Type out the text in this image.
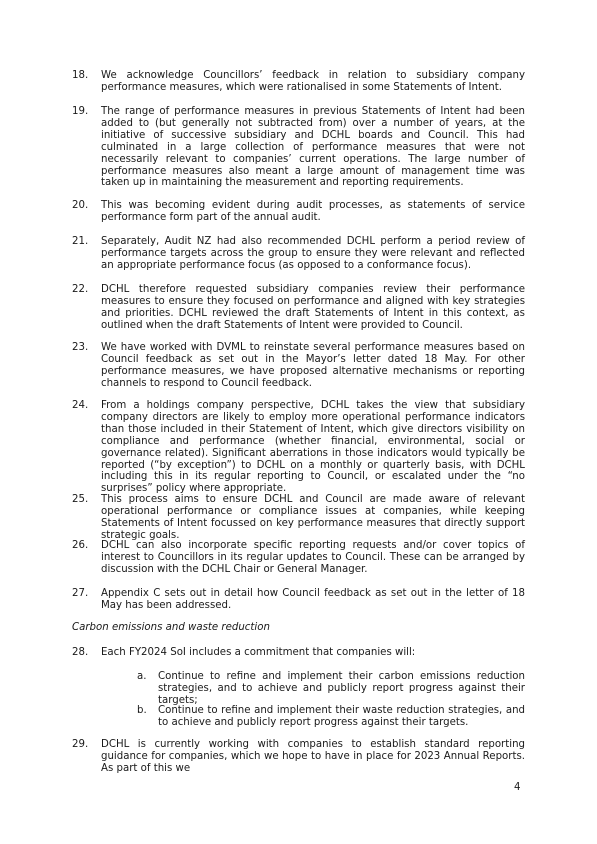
18. We acknowledge Councillors’ feedback in relation to subsidiary company performance measures, which were rationalised in some Statements of Intent.
19. The range of performance measures in previous Statements of Intent had been added to (but generally not subtracted from) over a number of years, at the initiative of successive subsidiary and DCHL boards and Council. This had culminated in a large collection of performance measures that were not necessarily relevant to companies’ current operations. The large number of performance measures also meant a large amount of management time was taken up in maintaining the measurement and reporting requirements.
20. This was becoming evident during audit processes, as statements of service performance form part of the annual audit.
21. Separately, Audit NZ had also recommended DCHL perform a period review of performance targets across the group to ensure they were relevant and reflected an appropriate performance focus (as opposed to a conformance focus).
22. DCHL therefore requested subsidiary companies review their performance measures to ensure they focused on performance and aligned with key strategies and priorities. DCHL reviewed the draft Statements of Intent in this context, as outlined when the draft Statements of Intent were provided to Council.
23. We have worked with DVML to reinstate several performance measures based on Council feedback as set out in the Mayor’s letter dated 18 May. For other performance measures, we have proposed alternative mechanisms or reporting channels to respond to Council feedback.
24. From a holdings company perspective, DCHL takes the view that subsidiary company directors are likely to employ more operational performance indicators than those included in their Statement of Intent, which give directors visibility on compliance and performance (whether financial, environmental, social or governance related). Significant aberrations in those indicators would typically be reported (“by exception”) to DCHL on a monthly or quarterly basis, with DCHL including this in its regular reporting to Council, or escalated under the “no surprises” policy where appropriate.
25. This process aims to ensure DCHL and Council are made aware of relevant operational performance or compliance issues at companies, while keeping Statements of Intent focussed on key performance measures that directly support strategic goals.
26. DCHL can also incorporate specific reporting requests and/or cover topics of interest to Councillors in its regular updates to Council. These can be arranged by discussion with the DCHL Chair or General Manager.
27. Appendix C sets out in detail how Council feedback as set out in the letter of 18 May has been addressed.
Carbon emissions and waste reduction
28. Each FY2024 SoI includes a commitment that companies will:
a. Continue to refine and implement their carbon emissions reduction strategies, and to achieve and publicly report progress against their targets;
b. Continue to refine and implement their waste reduction strategies, and to achieve and publicly report progress against their targets.
29. DCHL is currently working with companies to establish standard reporting guidance for companies, which we hope to have in place for 2023 Annual Reports. As part of this we
4
